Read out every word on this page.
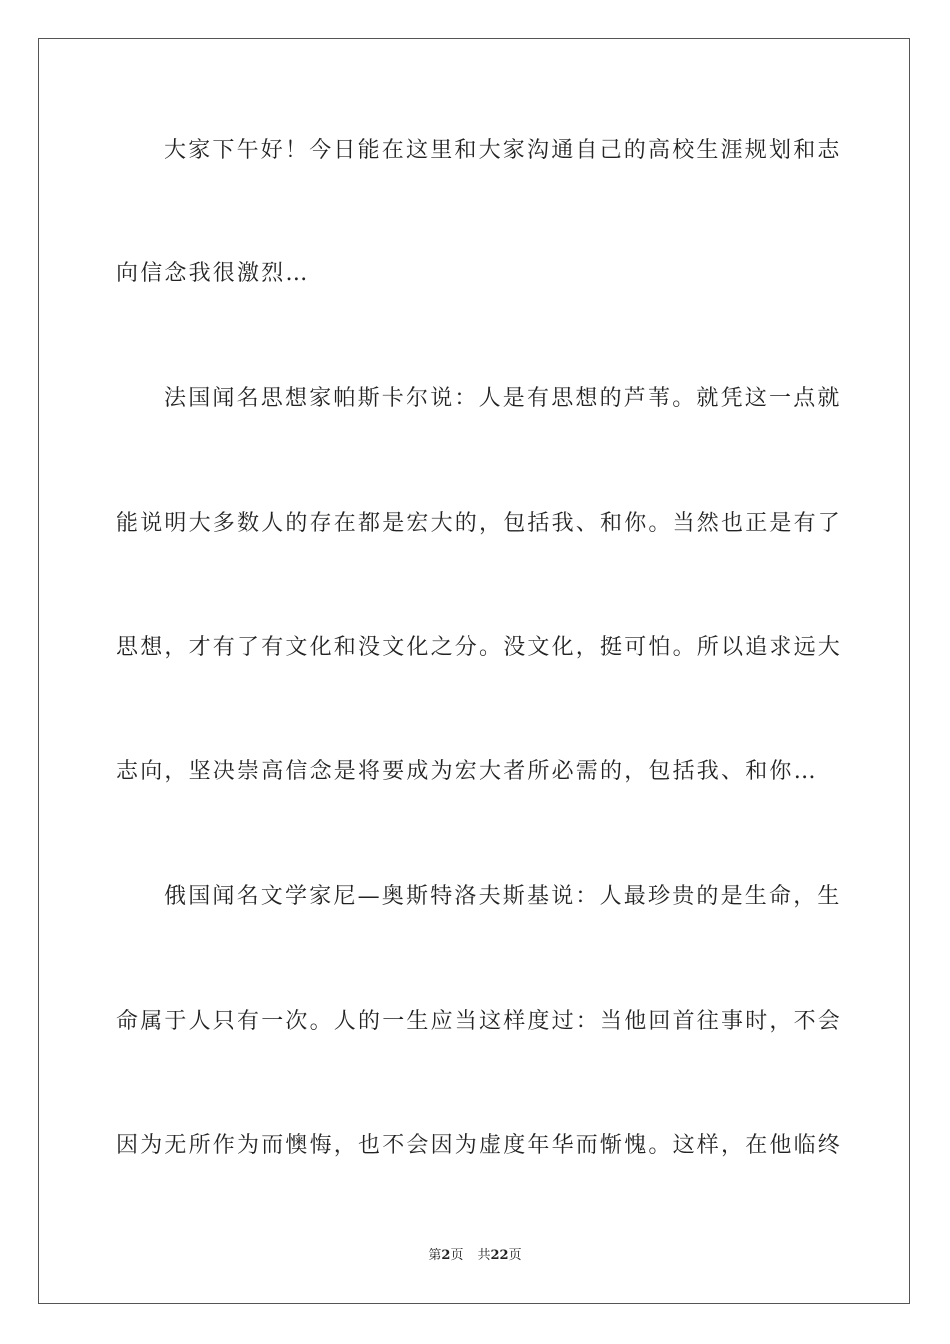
大家下午好！今日能在这里和大家沟通自己的高校生涯规划和志
向信念我很激烈…
法国闻名思想家帕斯卡尔说：人是有思想的芦苇。就凭这一点就
能说明大多数人的存在都是宏大的，包括我、和你。当然也正是有了
思想，才有了有文化和没文化之分。没文化，挺可怕。所以追求远大
志向，坚决崇高信念是将要成为宏大者所必需的，包括我、和你…
俄国闻名文学家尼—奥斯特洛夫斯基说：人最珍贵的是生命，生
命属于人只有一次。人的一生应当这样度过：当他回首往事时，不会
因为无所作为而懊悔，也不会因为虚度年华而惭愧。这样，在他临终
第2页 共22页
